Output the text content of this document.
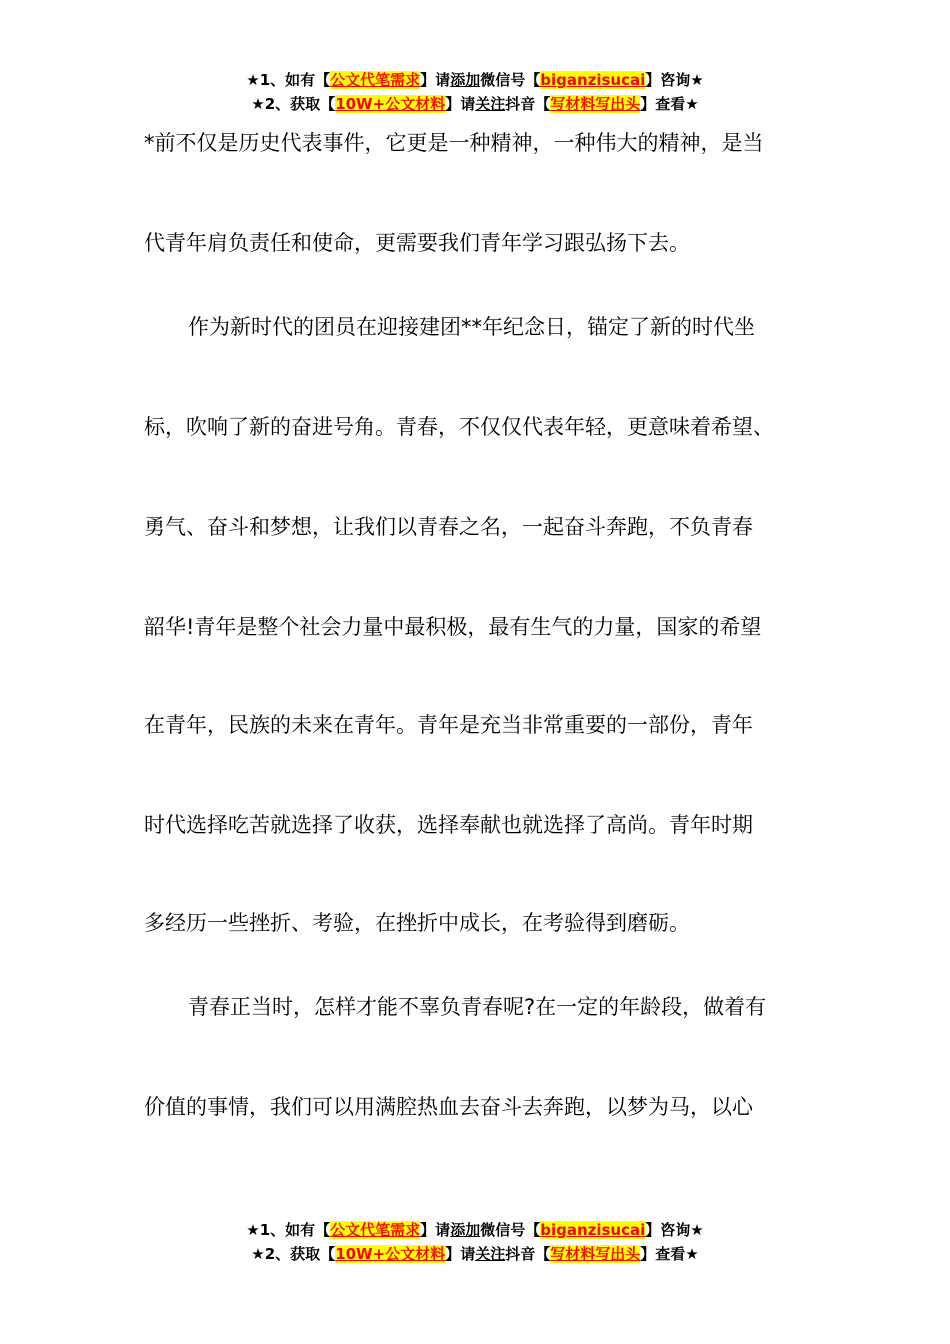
★1、如有【公文代笔需求】请添加微信号【biganzisucai】咨询★
★2、获取【10W+公文材料】请关注抖音【写材料写出头】查看★
*前不仅是历史代表事件，它更是一种精神，一种伟大的精神，是当
代青年肩负责任和使命，更需要我们青年学习跟弘扬下去。
作为新时代的团员在迎接建团**年纪念日，锚定了新的时代坐
标，吹响了新的奋进号角。青春，不仅仅代表年轻，更意味着希望、
勇气、奋斗和梦想，让我们以青春之名，一起奋斗奔跑，不负青春
韶华!青年是整个社会力量中最积极，最有生气的力量，国家的希望
在青年，民族的未来在青年。青年是充当非常重要的一部份，青年
时代选择吃苦就选择了收获，选择奉献也就选择了高尚。青年时期
多经历一些挫折、考验，在挫折中成长，在考验得到磨砺。
青春正当时，怎样才能不辜负青春呢?在一定的年龄段，做着有
价值的事情，我们可以用满腔热血去奋斗去奔跑，以梦为马，以心
★1、如有【公文代笔需求】请添加微信号【biganzisucai】咨询★
★2、获取【10W+公文材料】请关注抖音【写材料写出头】查看★
